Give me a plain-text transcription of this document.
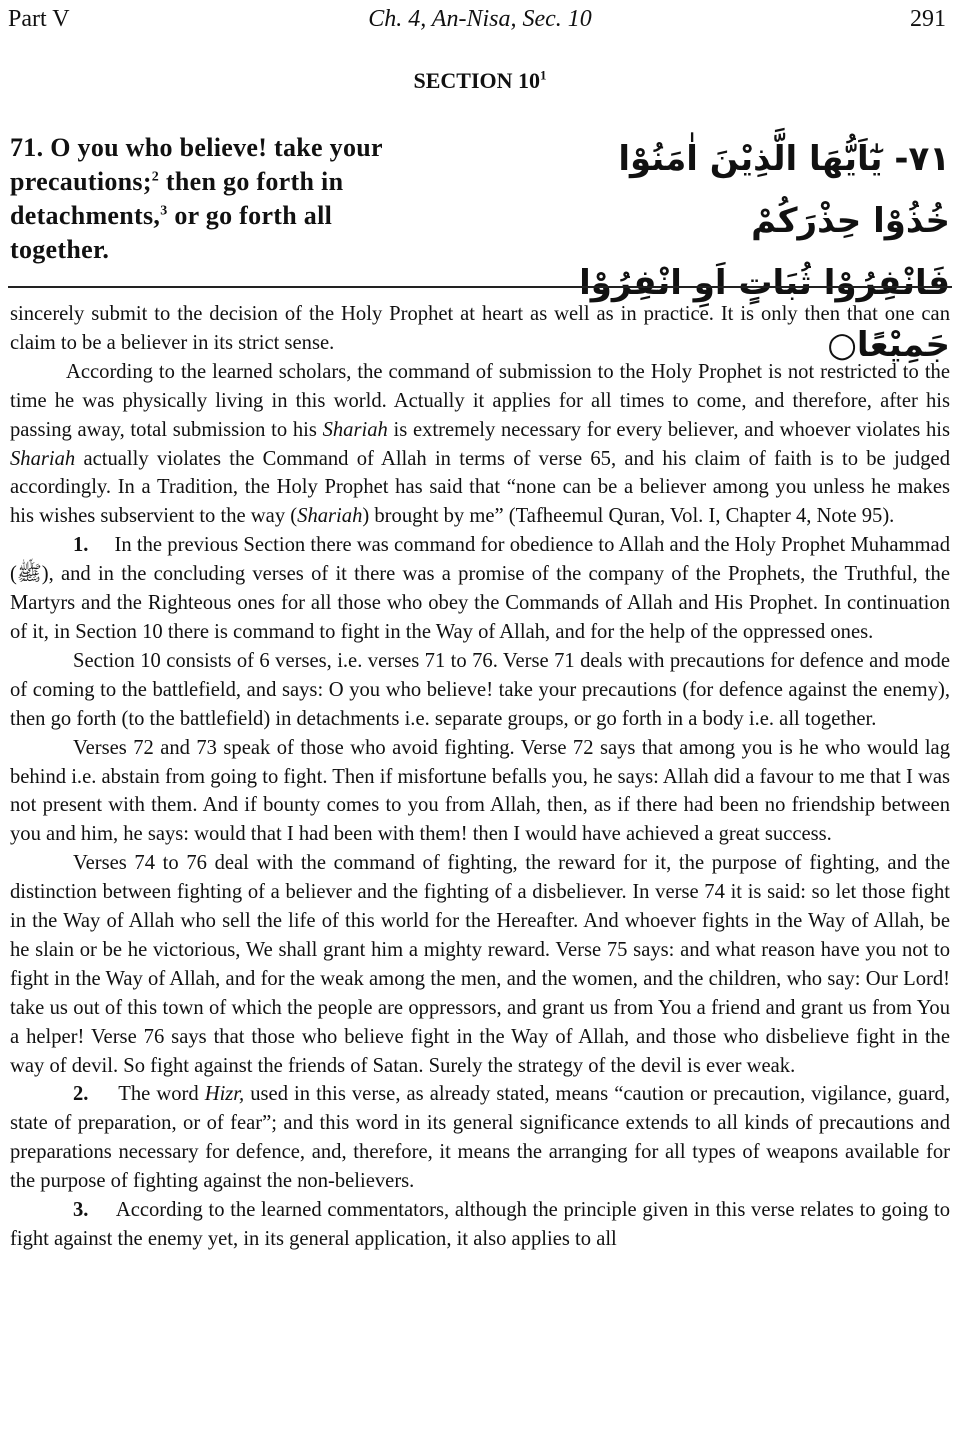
Part V	Ch. 4, An-Nisa, Sec. 10	291
SECTION $10^1$
71. O you who believe! take your precautions;$^2$ then go forth in detachments,$^3$ or go forth all together.
٧١- يٰٓاَيُّهَا الَّذِيْنَ اٰمَنُوْا خُذُوْا حِذْرَكُمْ
فَانْفِرُوْا ثُبَاتٍ اَوِ انْفِرُوْا جَمِيْعًا○

sincerely submit to the decision of the Holy Prophet at heart as well as in practice. It is only then that one can claim to be a believer in its strict sense.

According to the learned scholars, the command of submission to the Holy Prophet is not restricted to the time he was physically living in this world. Actually it applies for all times to come, and therefore, after his passing away, total submission to his Shariah is extremely necessary for every believer, and whoever violates his Shariah actually violates the Command of Allah in terms of verse 65, and his claim of faith is to be judged accordingly. In a Tradition, the Holy Prophet has said that “none can be a believer among you unless he makes his wishes subservient to the way (Shariah) brought by me” (Tafheemul Quran, Vol. I, Chapter 4, Note 95).

1. In the previous Section there was command for obedience to Allah and the Holy Prophet Muhammad (ﷺ), and in the concluding verses of it there was a promise of the company of the Prophets, the Truthful, the Martyrs and the Righteous ones for all those who obey the Commands of Allah and His Prophet. In continuation of it, in Section 10 there is command to fight in the Way of Allah, and for the help of the oppressed ones.

Section 10 consists of 6 verses, i.e. verses 71 to 76. Verse 71 deals with precautions for defence and mode of coming to the battlefield, and says: O you who believe! take your precautions (for defence against the enemy), then go forth (to the battlefield) in detachments i.e. separate groups, or go forth in a body i.e. all together.

Verses 72 and 73 speak of those who avoid fighting. Verse 72 says that among you is he who would lag behind i.e. abstain from going to fight. Then if misfortune befalls you, he says: Allah did a favour to me that I was not present with them. And if bounty comes to you from Allah, then, as if there had been no friendship between you and him, he says: would that I had been with them! then I would have achieved a great success.

Verses 74 to 76 deal with the command of fighting, the reward for it, the purpose of fighting, and the distinction between fighting of a believer and the fighting of a disbeliever. In verse 74 it is said: so let those fight in the Way of Allah who sell the life of this world for the Hereafter. And whoever fights in the Way of Allah, be he slain or be he victorious, We shall grant him a mighty reward. Verse 75 says: and what reason have you not to fight in the Way of Allah, and for the weak among the men, and the women, and the children, who say: Our Lord! take us out of this town of which the people are oppressors, and grant us from You a friend and grant us from You a helper! Verse 76 says that those who believe fight in the Way of Allah, and those who disbelieve fight in the way of devil. So fight against the friends of Satan. Surely the strategy of the devil is ever weak.

2. The word Hizr, used in this verse, as already stated, means “caution or precaution, vigilance, guard, state of preparation, or of fear”; and this word in its general significance extends to all kinds of precautions and preparations necessary for defence, and, therefore, it means the arranging for all types of weapons available for the purpose of fighting against the non-believers.

3. According to the learned commentators, although the principle given in this verse relates to going to fight against the enemy yet, in its general application, it also applies to all
